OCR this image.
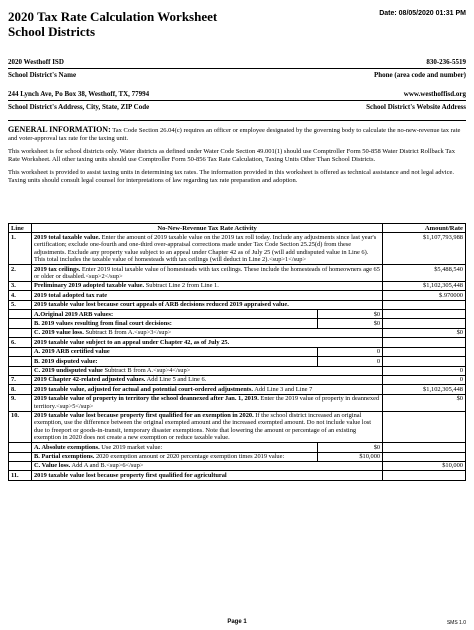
2020 Tax Rate Calculation Worksheet
School Districts
Date: 08/05/2020 01:31 PM
2020 Westhoff ISD	830-236-5519
School District's Name	Phone (area code and number)
244 Lynch Ave, Po Box 38, Westhoff, TX, 77994	www.westhoffisd.org
School District's Address, City, State, ZIP Code	School District's Website Address
GENERAL INFORMATION: Tax Code Section 26.04(c) requires an officer or employee designated by the governing body to calculate the no-new-revenue tax rate and voter-approval tax rate for the taxing unit.
This worksheet is for school districts only. Water districts as defined under Water Code Section 49.001(1) should use Comptroller Form 50-858 Water District Rollback Tax Rate Worksheet. All other taxing units should use Comptroller Form 50-856 Tax Rate Calculation, Taxing Units Other Than School Districts.
This worksheet is provided to assist taxing units in determining tax rates. The information provided in this worksheet is offered as technical assistance and not legal advice. Taxing units should consult legal counsel for interpretations of law regarding tax rate preparation and adoption.
Line	No-New-Revenue Tax Rate Activity		Amount/Rate
1.	2019 total taxable value. Enter the amount of 2019 taxable value on the 2019 tax roll today. Include any adjustments since last year's certification; exclude one-fourth and one-third over-appraisal corrections made under Tax Code Section 25.25(d) from these adjustments. Exclude any property value subject to an appeal under Chapter 42 as of July 25 (will add undisputed value in Line 6). This total includes the taxable value of homesteads with tax ceilings (will deduct in Line 2).<sup>1</sup>		$1,107,793,988
2.	2019 tax ceilings. Enter 2019 total taxable value of homesteads with tax ceilings. These include the homesteads of homeowners age 65 or older or disabled.<sup>2</sup>		$5,488,540
3.	Preliminary 2019 adopted taxable value. Subtract Line 2 from Line 1.		$1,102,305,448
4.	2019 total adopted tax rate		$.970000
5.	2019 taxable value lost because court appeals of ARB decisions reduced 2019 appraised value.		
	A.Original 2019 ARB values:	$0	
	B. 2019 values resulting from final court decisions:	$0	
	C. 2019 value loss. Subtract B from A.<sup>3</sup>		$0
6.	2019 taxable value subject to an appeal under Chapter 42, as of July 25.		
	A. 2019 ARB certified value	0	
	B. 2019 disputed value:	0	
	C. 2019 undisputed value Subtract B from A.<sup>4</sup>		0
7.	2019 Chapter 42-related adjusted values. Add Line 5 and Line 6.		0
8.	2019 taxable value, adjusted for actual and potential court-ordered adjustments. Add Line 3 and Line 7		$1,102,305,448
9.	2019 taxable value of property in territory the school deannexed after Jan. 1, 2019. Enter the 2019 value of property in deannexed territory.<sup>5</sup>		$0
10.	2019 taxable value lost because property first qualified for an exemption in 2020. If the school district increased an original exemption, use the difference between the original exempted amount and the increased exempted amount. Do not include value lost due to freeport or goods-in-transit, temporary disaster exemptions. Note that lowering the amount or percentage of an existing exemption in 2020 does not create a new exemption or reduce taxable value.		
	A. Absolute exemptions. Use 2019 market value:	$0	
	B. Partial exemptions. 2020 exemption amount or 2020 percentage exemption times 2019 value:	$10,000	
	C. Value loss. Add A and B.<sup>6</sup>		$10,000
11.	2019 taxable value lost because property first qualified for agricultural		
Page 1	SMS 1.0
